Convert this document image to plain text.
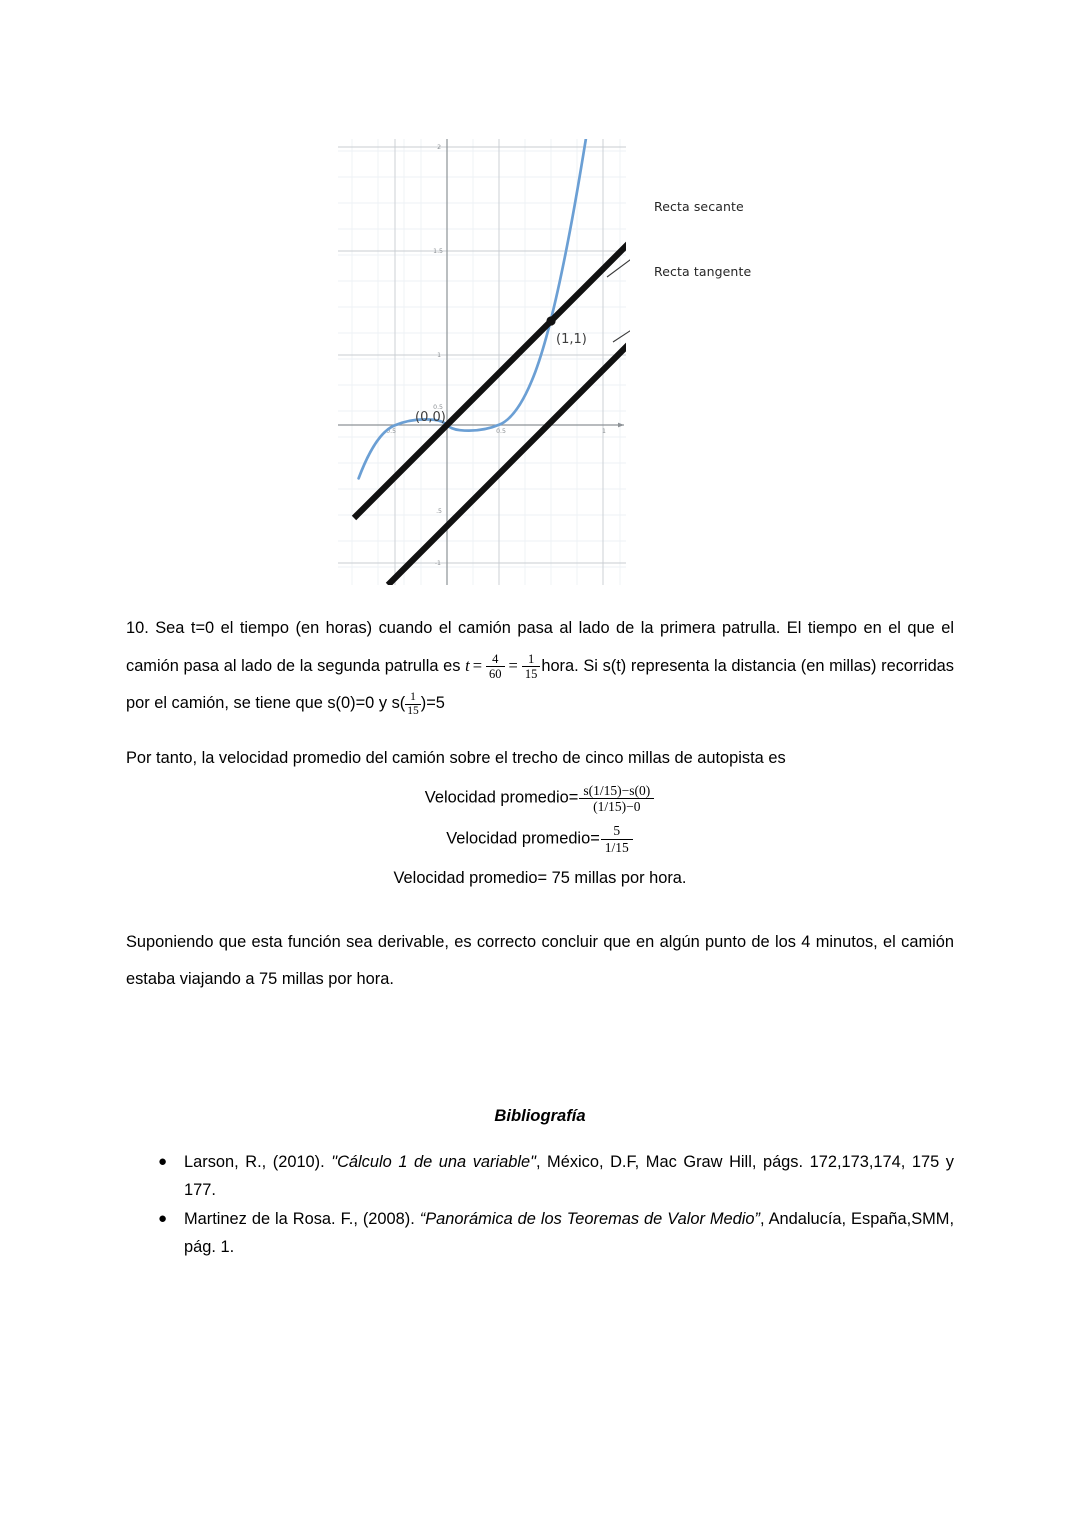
-0.5	0.5	1
2
1.5
1
0.5
.5
-1
(0,0)
(1,1)
Recta secante
Recta tangente

10. Sea t=0 el tiempo (en horas) cuando el camión pasa al lado de la primera patrulla. El tiempo en el que el camión pasa al lado de la segunda patrulla es $t = \frac{4}{60} = \frac{1}{15}$ hora. Si s(t) representa la distancia (en millas) recorridas por el camión, se tiene que s(0)=0 y $s( \frac{1}{15} )=5$

Por tanto, la velocidad promedio del camión sobre el trecho de cinco millas de autopista es

Velocidad promedio= $\frac{s(1/15)-s(0)}{(1/15)-0}$
Velocidad promedio= $\frac{5}{1/15}$
Velocidad promedio= 75 millas por hora.

Suponiendo que esta función sea derivable, es correcto concluir que en algún punto de los 4 minutos, el camión estaba viajando a 75 millas por hora.

Bibliografía

● Larson, R., (2010). "Cálculo 1 de una variable", México, D.F, Mac Graw Hill, págs. 172,173,174, 175 y 177.
● Martinez de la Rosa. F., (2008). “Panorámica de los Teoremas de Valor Medio”, Andalucía, España,SMM, pág. 1.
